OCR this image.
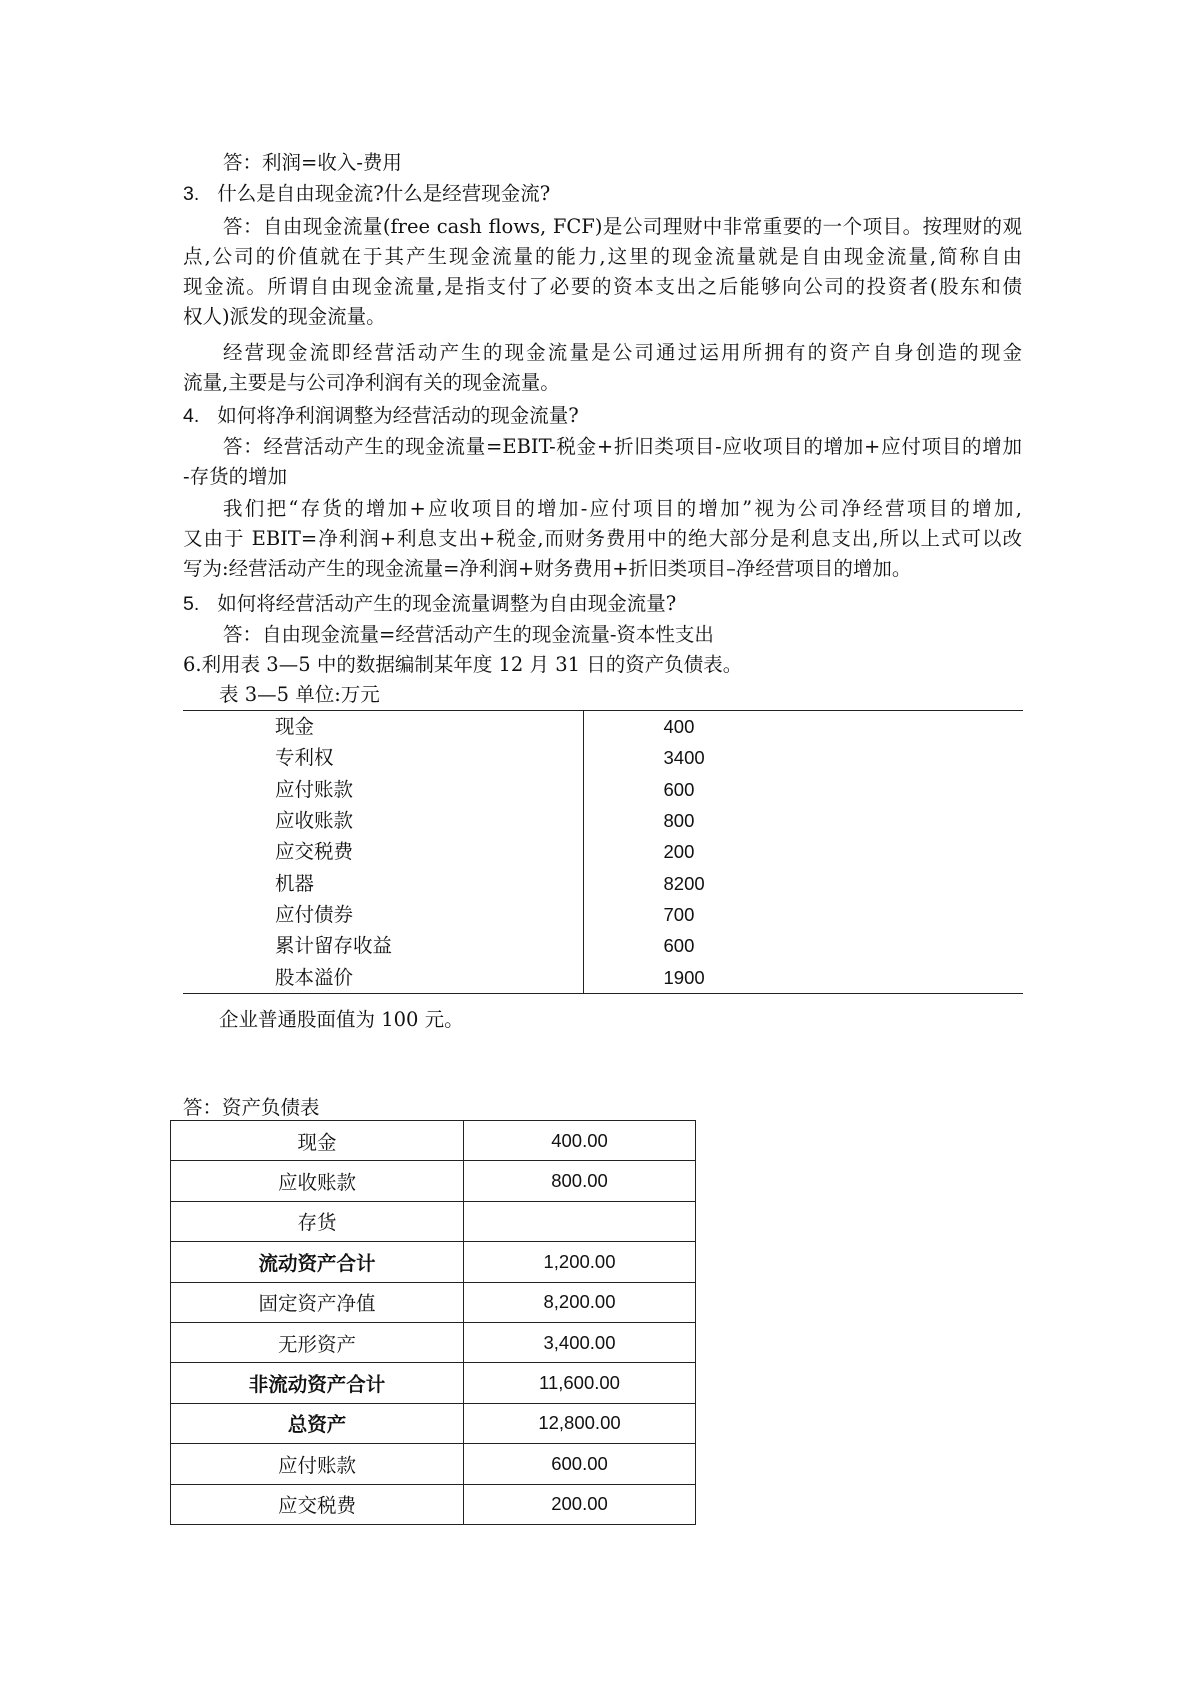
答：利润=收入-费用
3. 什么是自由现金流?什么是经营现金流?
答：自由现金流量(free cash flows, FCF)是公司理财中非常重要的一个项目。按理财的观
点,公司的价值就在于其产生现金流量的能力,这里的现金流量就是自由现金流量,简称自由
现金流。所谓自由现金流量,是指支付了必要的资本支出之后能够向公司的投资者(股东和债
权人)派发的现金流量。
经营现金流即经营活动产生的现金流量是公司通过运用所拥有的资产自身创造的现金
流量,主要是与公司净利润有关的现金流量。
4. 如何将净利润调整为经营活动的现金流量?
答：经营活动产生的现金流量=EBIT-税金+折旧类项目-应收项目的增加+应付项目的增加
-存货的增加
我们把“存货的增加+应收项目的增加-应付项目的增加”视为公司净经营项目的增加,
又由于 EBIT=净利润+利息支出+税金,而财务费用中的绝大部分是利息支出,所以上式可以改
写为:经营活动产生的现金流量=净利润+财务费用+折旧类项目–净经营项目的增加。
5. 如何将经营活动产生的现金流量调整为自由现金流量?
答：自由现金流量=经营活动产生的现金流量-资本性支出
6.利用表 3—5 中的数据编制某年度 12 月 31 日的资产负债表。
表 3—5 单位:万元
现金	400
专利权	3400
应付账款	600
应收账款	800
应交税费	200
机器	8200
应付债券	700
累计留存收益	600
股本溢价	1900
企业普通股面值为 100 元。
答：资产负债表
现金	400.00
应收账款	800.00
存货	
流动资产合计	1,200.00
固定资产净值	8,200.00
无形资产	3,400.00
非流动资产合计	11,600.00
总资产	12,800.00
应付账款	600.00
应交税费	200.00
